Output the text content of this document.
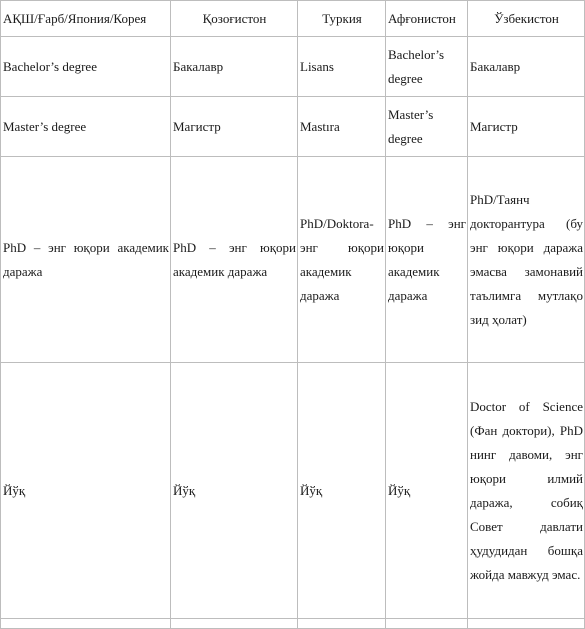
АҚШ/Ғарб/Япония/Корея	Қозоғистон	Туркия	Афғонистон	Ўзбекистон
Bachelor’s degree	Бакалавр	Lisans	Bachelor’s degree	Бакалавр
Master’s degree	Магистр	Mastıra	Master’s degree	Магистр
PhD – энг юқори академик даража	PhD – энг юқори академик даража	PhD/Doktora- энг юқори академик даража	PhD – энг юқори академик даража	PhD/Таянч докторантура (бу энг юқори даража эмасва замонавий таълимга мутлақо зид ҳолат)
Йўқ	Йўқ	Йўқ	Йўқ	Doctor of Science (Фан доктори), PhD нинг давоми, энг юқори илмий даража, собиқ Совет давлати ҳудудидан бошқа жойда мавжуд эмас.
